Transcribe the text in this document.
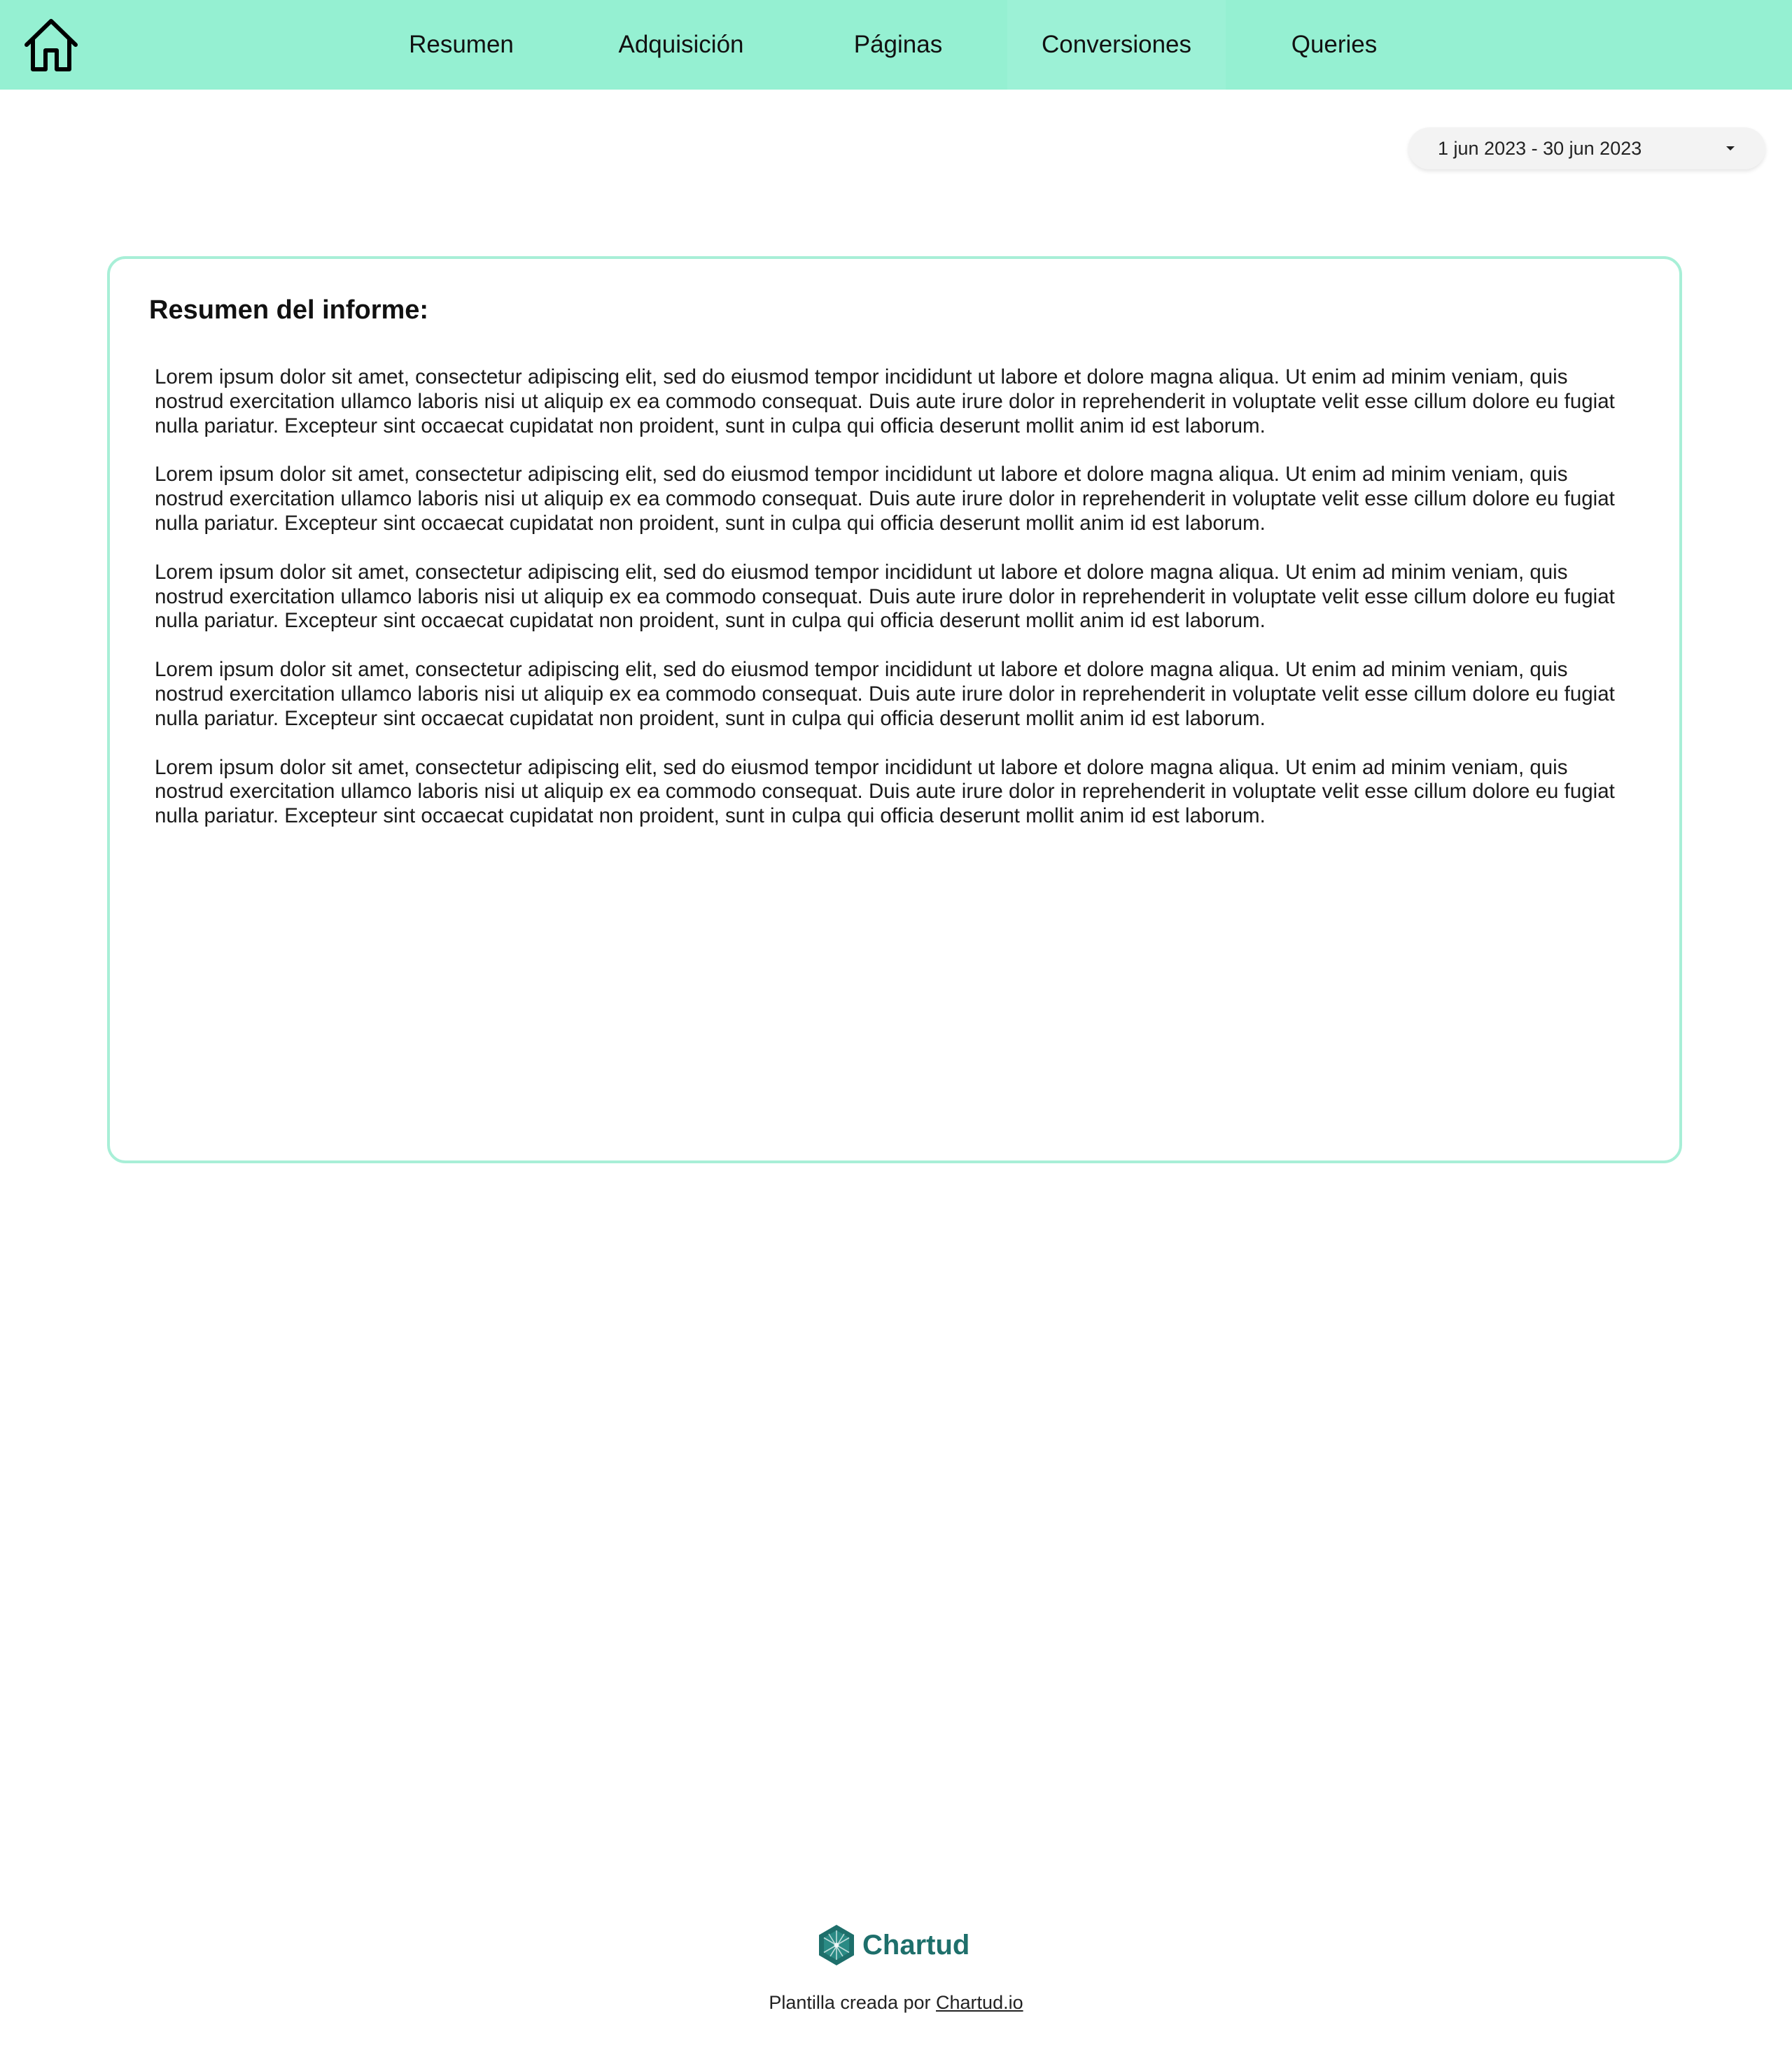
Resumen	Adquisición	Páginas	Conversiones	Queries
1 jun 2023 - 30 jun 2023
Resumen del informe:

Lorem ipsum dolor sit amet, consectetur adipiscing elit, sed do eiusmod tempor incididunt ut labore et dolore magna aliqua. Ut enim ad minim veniam, quis nostrud exercitation ullamco laboris nisi ut aliquip ex ea commodo consequat. Duis aute irure dolor in reprehenderit in voluptate velit esse cillum dolore eu fugiat nulla pariatur. Excepteur sint occaecat cupidatat non proident, sunt in culpa qui officia deserunt mollit anim id est laborum.

Lorem ipsum dolor sit amet, consectetur adipiscing elit, sed do eiusmod tempor incididunt ut labore et dolore magna aliqua. Ut enim ad minim veniam, quis nostrud exercitation ullamco laboris nisi ut aliquip ex ea commodo consequat. Duis aute irure dolor in reprehenderit in voluptate velit esse cillum dolore eu fugiat nulla pariatur. Excepteur sint occaecat cupidatat non proident, sunt in culpa qui officia deserunt mollit anim id est laborum.

Lorem ipsum dolor sit amet, consectetur adipiscing elit, sed do eiusmod tempor incididunt ut labore et dolore magna aliqua. Ut enim ad minim veniam, quis nostrud exercitation ullamco laboris nisi ut aliquip ex ea commodo consequat. Duis aute irure dolor in reprehenderit in voluptate velit esse cillum dolore eu fugiat nulla pariatur. Excepteur sint occaecat cupidatat non proident, sunt in culpa qui officia deserunt mollit anim id est laborum.

Lorem ipsum dolor sit amet, consectetur adipiscing elit, sed do eiusmod tempor incididunt ut labore et dolore magna aliqua. Ut enim ad minim veniam, quis nostrud exercitation ullamco laboris nisi ut aliquip ex ea commodo consequat. Duis aute irure dolor in reprehenderit in voluptate velit esse cillum dolore eu fugiat nulla pariatur. Excepteur sint occaecat cupidatat non proident, sunt in culpa qui officia deserunt mollit anim id est laborum.

Lorem ipsum dolor sit amet, consectetur adipiscing elit, sed do eiusmod tempor incididunt ut labore et dolore magna aliqua. Ut enim ad minim veniam, quis nostrud exercitation ullamco laboris nisi ut aliquip ex ea commodo consequat. Duis aute irure dolor in reprehenderit in voluptate velit esse cillum dolore eu fugiat nulla pariatur. Excepteur sint occaecat cupidatat non proident, sunt in culpa qui officia deserunt mollit anim id est laborum.

Chartud
Plantilla creada por Chartud.io
